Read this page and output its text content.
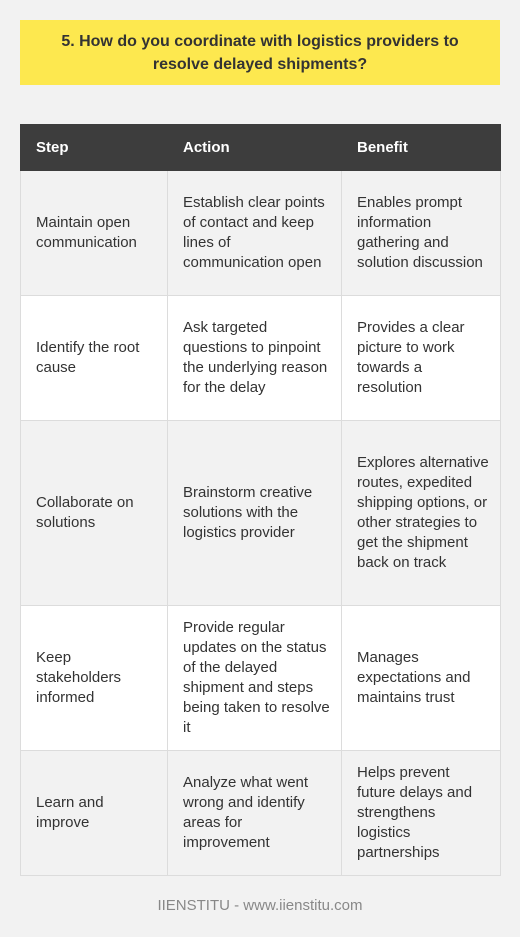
5. How do you coordinate with logistics providers to resolve delayed shipments?
Step	Action	Benefit
Maintain open communication	Establish clear points of contact and keep lines of communication open	Enables prompt information gathering and solution discussion
Identify the root cause	Ask targeted questions to pinpoint the underlying reason for the delay	Provides a clear picture to work towards a resolution
Collaborate on solutions	Brainstorm creative solutions with the logistics provider	Explores alternative routes, expedited shipping options, or other strategies to get the shipment back on track
Keep stakeholders informed	Provide regular updates on the status of the delayed shipment and steps being taken to resolve it	Manages expectations and maintains trust
Learn and improve	Analyze what went wrong and identify areas for improvement	Helps prevent future delays and strengthens logistics partnerships
IIENSTITU - www.iienstitu.com
